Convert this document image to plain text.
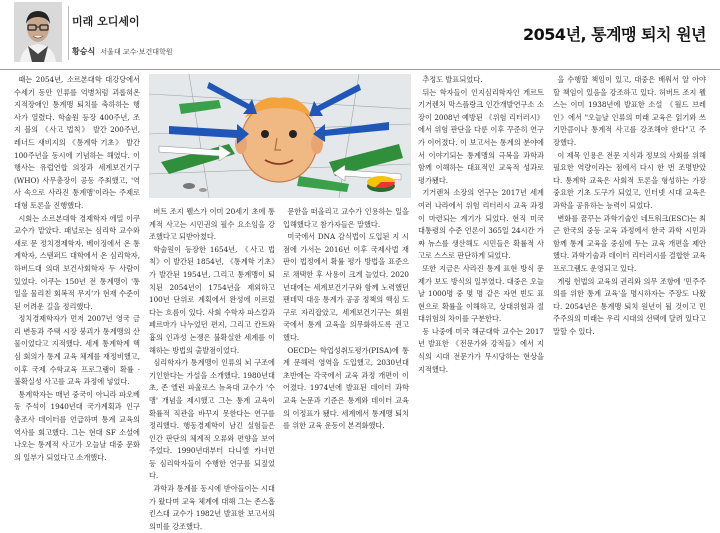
미래 오디세이
황승식 서울대 교수·보건대학원
2054년, 통계맹 퇴치 원년

때는 2054년, 소르본대학 대강당에서 수세기 동안 인류를 억병처럼 괴롭혀온 지적장애인 통계맹 퇴치를 축하하는 행사가 열렸다. 학술원 등장 400주년, 조지 블의 《사고 법칙》 발간 200주년, 레너드 새비지의 《통계학 기초》 발간 100주년을 동시에 기념하는 해였다. 이 행사는 유럽연합 의장과 세계보건기구(WHO) 사무총장이 공동 주최했고, '역사 속으로 사라진 통계맹'이라는 주제로 대형 토론을 진행했다.

시회는 소르본대학 경제학자 에밀 이쿠 교수가 맡았다. 패널로는 심리학 교수와 새로 문 정치경제학자, 베이징에서 온 통계학자, 스탠퍼드 대학에서 온 심리학자, 하버드대 의대 보건사회학자 두 사람이 있었다. 이쿠는 150년 전 통계맹이 '통일을 물리친 회복적 무지'가 현재 수준이 된 어려운 길을 정리했다.

정치경제학자가 먼저 2007년 영국 금리 변동과 주택 시장 붕괴가 통계맹의 산물이었다고 지적했다. 세계 통계학계 핵심 회의가 통계 교육 체계를 재정비했고, 이후 국제 수학교육 프로그램이 확률 · 불확실성 사고를 교육 과정에 넣었다.

통계학자는 매년 중국이 아니라 파오베동 주석이 1940년대 국가계획과 인구 총조사 데이터를 언급하며 통계 교육의 역사를 회고했다. 그는 현대 SF 소설에 나오는 통계적 사고가 오늘날 대중 문화의 일부가 되었다고 소개했다.

버트 조지 웰스가 이미 20세기 초에 통계적 사고는 시민권의 필수 요소임을 강조했다고 되받아쳤다.

학술원이 등장한 1654년, 《사고 법칙》이 발간된 1854년, 《통계학 기초》가 발간된 1954년, 그리고 통계맹이 퇴치된 2054년이 1754년을 제외하고 100년 단위로 계획에서 완성에 이르렀다는 흐름이 있다. 사회 수학자 파스칼과 페르마가 나누었던 편지, 그리고 칸트와 흄의 인과성 논쟁은 불확실한 세계를 이해하는 방법의 출발점이었다.

심리학자가 통계맹이 인류의 뇌 구조에 기인한다는 가설을 소개했다. 1980년대 초, 존 엘런 파울로스 뉴욕대 교수가 '수맹' 개념을 제시했고 그는 통계 교육이 확률적 직관을 바꾸지 못한다는 연구를 정리했다. 행동경제학이 남긴 실험들은 인간 판단의 체계적 오류와 편향을 보여주었다. 1990년대부터 다니엘 카너먼 등 심리학자들이 수행한 연구를 되짚었다.

과학과 통계를 동시에 받아들이는 시대가 왔다며 교육 체계에 대해 그는 존스홉킨스대 교수가 1982년 발표한 보고서의 의미를 강조했다.

문한을 떠올리고 교수가 인용하는 일을 입해했다고 참가자들은 말했다.

미국에서 DNA 감식법이 도입된 지 시점에 가서는 2016년 이후 국제사법 재판이 법정에서 확률 평가 방법을 표준으로 채택한 후 사용이 크게 늘었다. 2020년대에는 세계보건기구와 함께 노력했던 팬데믹 대응 통계가 공공 정책의 핵심 도구로 자리잡았고, 세계보건기구는 회원국에서 통계 교육을 의무화하도록 권고했다.

OECD는 학업성취도평가(PISA)에 통계 문해력 영역을 도입했고, 2030년대 초반에는 각국에서 교육 과정 개편이 이어졌다. 1974년에 발표된 데이터 과학 교육 논문과 기준은 통계와 데이터 교육의 이정표가 됐다. 세계에서 통계맹 퇴치를 위한 교육 운동이 본격화했다.

추정도 발표되었다.

뒤는 학자들이 인지심리학자인 게르트 기거렌처 막스플랑크 인간개발연구소 소장이 2008년 예방된 《위험 리터러시》에서 위험 판단을 다룬 이후 꾸준히 연구가 이어졌다. 이 보고서는 통계의 분야에서 이야기되는 통계맹의 극복을 과학과 함께 이해하는 대표적인 교육적 성과로 평가됐다.

기거렌처 소장의 연구는 2017년 세계 여러 나라에서 위험 리터러시 교육 과정이 마련되는 계기가 되었다. 현직 미국 대통령의 수준 언론이 365일 24시간 가짜 뉴스를 생산해도 시민들은 확률적 사고로 스스로 판단하게 되었다.

또한 지금은 사라진 통계 표현 방식 문제가 보도 방식의 일부였다. 대중은 오늘날 1000명 중 몇 명 같은 자연 빈도 표현으로 확률을 이해하고, 상대위험과 절대위험의 차이를 구분한다.

동 나중에 미국 해군대학 교수는 2017년 발표한 《전문가와 강적들》에서 지식의 시대 전문가가 무시당하는 현상을 지적했다.

을 수행할 책임이 있고, 대중은 배워서 알 아야 할 책임이 있음을 강조하고 있다. 허버트 조지 웰스는 이미 1938년에 발표한 소설 《월드 브레인》에서 "오늘날 인류의 미래 교육은 읽기와 쓰기만큼이나 통계적 사고를 강조해야 한다"고 주장했다.

이 제목 인용은 전문 지식과 정보의 사회를 위해 필요한 역량이라는 점에서 다시 한 번 조명받았다. 통계학 교육은 사회적 토론을 형성하는 가장 중요한 기초 도구가 되었고, 인터넷 시대 교육은 과학을 공유하는 능력이 되었다.

변화를 꿈꾸는 과학기술인 네트워크(ESC)는 최근 한국의 중등 교육 과정에서 한국 과학 시민과 함께 통계 교육을 중심에 두는 교육 개편을 제안했다. 과학기술과 데이터 리터러시를 결합한 교육 프로그램도 운영되고 있다.

게링 헌법의 교육의 권리와 의무 조항에 '민주주의를 위한 통계 교육'을 명시하자는 주장도 나왔다. 2054년은 통계맹 퇴치 원년이 될 것이고 민주주의의 미래는 우리 시대의 선택에 달려 있다고 말할 수 있다.
